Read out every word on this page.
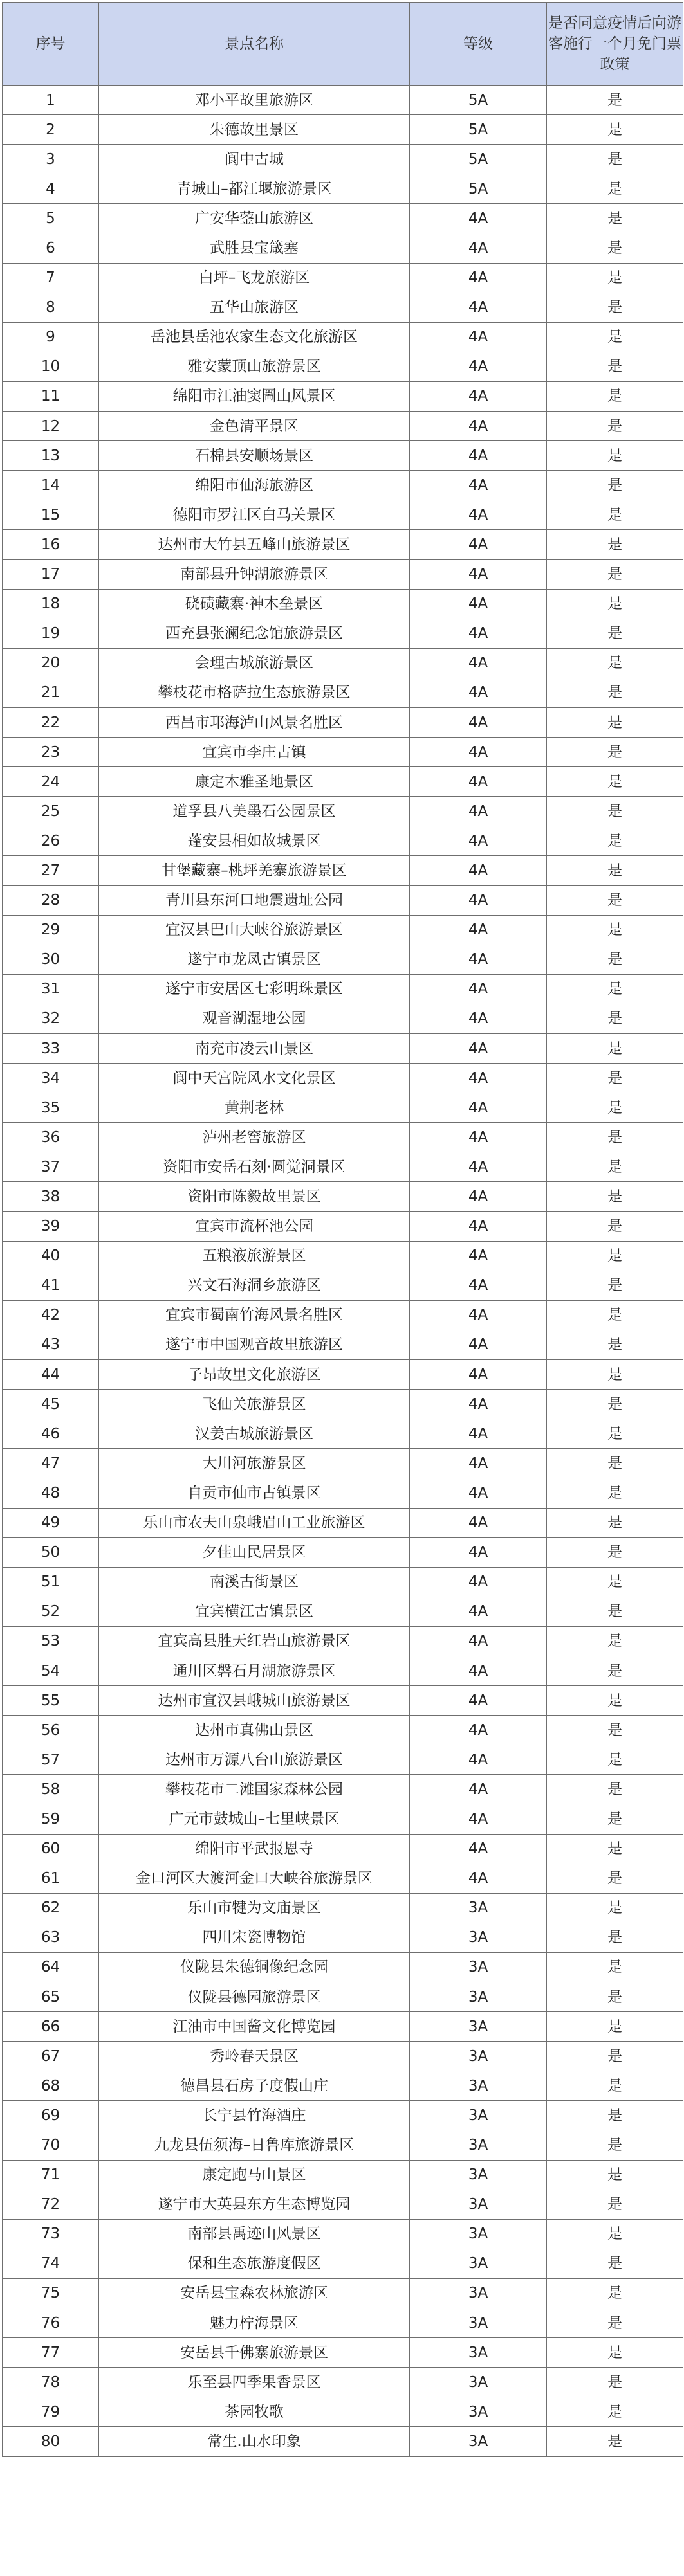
序号	景点名称	等级	是否同意疫情后向游客施行一个月免门票政策
1	邓小平故里旅游区	5A	是
2	朱德故里景区	5A	是
3	阆中古城	5A	是
4	青城山–都江堰旅游景区	5A	是
5	广安华蓥山旅游区	4A	是
6	武胜县宝箴塞	4A	是
7	白坪–飞龙旅游区	4A	是
8	五华山旅游区	4A	是
9	岳池县岳池农家生态文化旅游区	4A	是
10	雅安蒙顶山旅游景区	4A	是
11	绵阳市江油窦圌山风景区	4A	是
12	金色清平景区	4A	是
13	石棉县安顺场景区	4A	是
14	绵阳市仙海旅游区	4A	是
15	德阳市罗江区白马关景区	4A	是
16	达州市大竹县五峰山旅游景区	4A	是
17	南部县升钟湖旅游景区	4A	是
18	硗碛藏寨·神木垒景区	4A	是
19	西充县张澜纪念馆旅游景区	4A	是
20	会理古城旅游景区	4A	是
21	攀枝花市格萨拉生态旅游景区	4A	是
22	西昌市邛海泸山风景名胜区	4A	是
23	宜宾市李庄古镇	4A	是
24	康定木雅圣地景区	4A	是
25	道孚县八美墨石公园景区	4A	是
26	蓬安县相如故城景区	4A	是
27	甘堡藏寨–桃坪羌寨旅游景区	4A	是
28	青川县东河口地震遗址公园	4A	是
29	宜汉县巴山大峡谷旅游景区	4A	是
30	遂宁市龙凤古镇景区	4A	是
31	遂宁市安居区七彩明珠景区	4A	是
32	观音湖湿地公园	4A	是
33	南充市凌云山景区	4A	是
34	阆中天宫院风水文化景区	4A	是
35	黄荆老林	4A	是
36	泸州老窖旅游区	4A	是
37	资阳市安岳石刻·圆觉洞景区	4A	是
38	资阳市陈毅故里景区	4A	是
39	宜宾市流杯池公园	4A	是
40	五粮液旅游景区	4A	是
41	兴文石海洞乡旅游区	4A	是
42	宜宾市蜀南竹海风景名胜区	4A	是
43	遂宁市中国观音故里旅游区	4A	是
44	子昂故里文化旅游区	4A	是
45	飞仙关旅游景区	4A	是
46	汉姜古城旅游景区	4A	是
47	大川河旅游景区	4A	是
48	自贡市仙市古镇景区	4A	是
49	乐山市农夫山泉峨眉山工业旅游区	4A	是
50	夕佳山民居景区	4A	是
51	南溪古街景区	4A	是
52	宜宾横江古镇景区	4A	是
53	宜宾高县胜天红岩山旅游景区	4A	是
54	通川区磐石月湖旅游景区	4A	是
55	达州市宣汉县峨城山旅游景区	4A	是
56	达州市真佛山景区	4A	是
57	达州市万源八台山旅游景区	4A	是
58	攀枝花市二滩国家森林公园	4A	是
59	广元市鼓城山–七里峡景区	4A	是
60	绵阳市平武报恩寺	4A	是
61	金口河区大渡河金口大峡谷旅游景区	4A	是
62	乐山市犍为文庙景区	3A	是
63	四川宋瓷博物馆	3A	是
64	仪陇县朱德铜像纪念园	3A	是
65	仪陇县德园旅游景区	3A	是
66	江油市中国酱文化博览园	3A	是
67	秀岭春天景区	3A	是
68	德昌县石房子度假山庄	3A	是
69	长宁县竹海酒庄	3A	是
70	九龙县伍须海–日鲁库旅游景区	3A	是
71	康定跑马山景区	3A	是
72	遂宁市大英县东方生态博览园	3A	是
73	南部县禹迹山风景区	3A	是
74	保和生态旅游度假区	3A	是
75	安岳县宝森农林旅游区	3A	是
76	魅力柠海景区	3A	是
77	安岳县千佛寨旅游景区	3A	是
78	乐至县四季果香景区	3A	是
79	茶园牧歌	3A	是
80	常生.山水印象	3A	是
